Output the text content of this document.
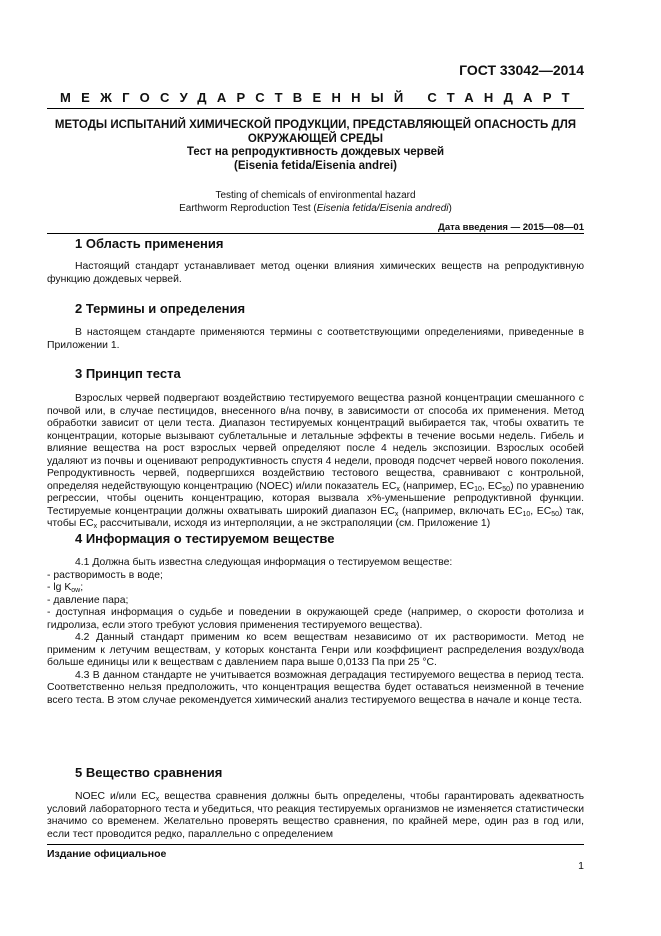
ГОСТ 33042—2014
МЕЖГОСУДАРСТВЕННЫЙ СТАНДАРТ
МЕТОДЫ ИСПЫТАНИЙ ХИМИЧЕСКОЙ ПРОДУКЦИИ, ПРЕДСТАВЛЯЮЩЕЙ ОПАСНОСТЬ ДЛЯ
ОКРУЖАЮЩЕЙ СРЕДЫ
Тест на репродуктивность дождевых червей
(Eisenia fetida/Eisenia andrei)
Testing of chemicals of environmental hazard
Earthworm Reproduction Test (Eisenia fetida/Eisenia andredi)
Дата введения — 2015—08—01
1 Область применения

Настоящий стандарт устанавливает метод оценки влияния химических веществ на репродуктивную функцию дождевых червей.

2 Термины и определения

В настоящем стандарте применяются термины с соответствующими определениями, приведенные в Приложении 1.

3 Принцип теста

Взрослых червей подвергают воздействию тестируемого вещества разной концентрации смешанного с почвой или, в случае пестицидов, внесенного в/на почву, в зависимости от способа их применения. Метод обработки зависит от цели теста. Диапазон тестируемых концентраций выбирается так, чтобы охватить те концентрации, которые вызывают сублетальные и летальные эффекты в течение восьми недель. Гибель и влияние вещества на рост взрослых червей определяют после 4 недель экспозиции. Взрослых особей удаляют из почвы и оценивают репродуктивность спустя 4 недели, проводя подсчет червей нового поколения. Репродуктивность червей, подвергшихся воздействию тестового вещества, сравнивают с контрольной, определяя недействующую концентрацию (NOEC) и/или показатель $EC_x$ (например, $EC_{10}$, $EC_{50}$) по уравнению регрессии, чтобы оценить концентрацию, которая вызвала x%-уменьшение репродуктивной функции. Тестируемые концентрации должны охватывать широкий диапазон $EC_x$ (например, включать $EC_{10}$, $EC_{50}$) так, чтобы $EC_x$ рассчитывали, исходя из интерполяции, а не экстраполяции (см. Приложение 1)

4 Информация о тестируемом веществе

4.1 Должна быть известна следующая информация о тестируемом веществе:

- растворимость в воде;

- $\lg K_{ow}$;

- давление пара;

- доступная информация о судьбе и поведении в окружающей среде (например, о скорости фотолиза и гидролиза, если этого требуют условия применения тестируемого вещества).

4.2 Данный стандарт применим ко всем веществам независимо от их растворимости. Метод не применим к летучим веществам, у которых константа Генри или коэффициент распределения воздух/вода больше единицы или к веществам с давлением пара выше 0,0133 Па при 25 °С.

4.3 В данном стандарте не учитывается возможная деградация тестируемого вещества в период теста. Соответственно нельзя предположить, что концентрация вещества будет оставаться неизменной в течение всего теста. В этом случае рекомендуется химический анализ тестируемого вещества в начале и конце теста.

5 Вещество сравнения

NOEC и/или $EC_x$ вещества сравнения должны быть определены, чтобы гарантировать адекватность условий лабораторного теста и убедиться, что реакция тестируемых организмов не изменяется статистически значимо со временем. Желательно проверять вещество сравнения, по крайней мере, один раз в год или, если тест проводится редко, параллельно с определением

Издание официальное
1
